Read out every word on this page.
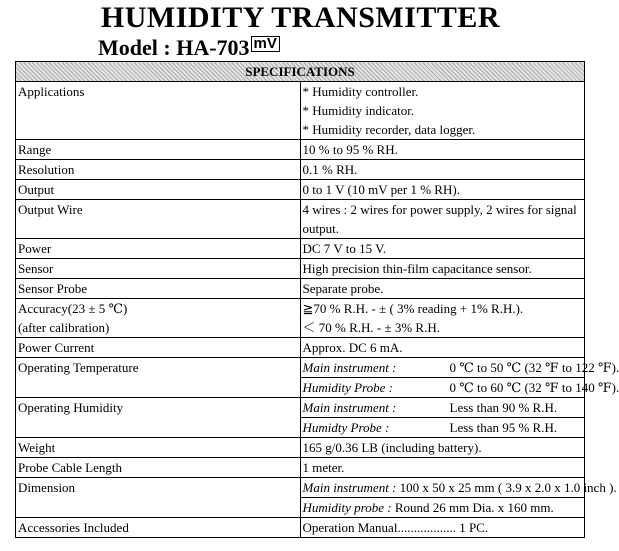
HUMIDITY TRANSMITTER
Model : HA-703 mV
SPECIFICATIONS	
Applications	* Humidity controller.
* Humidity indicator.
* Humidity recorder, data logger.

Range	10 % to 95 % RH.
Resolution	0.1 % RH.
Output	0 to 1 V (10 mV per 1 % RH).
Output Wire	4 wires : 2 wires for power supply, 2 wires for signal output.
Power	DC 7 V to 15 V.
Sensor	High precision thin-film capacitance sensor.
Sensor Probe	Separate probe.

Accuracy(23 ± 5 ℃)
(after calibration)	≧70 % R.H. - ± ( 3% reading + 1% R.H.).
＜ 70 % R.H. - ± 3% R.H.

Power Current	Approx. DC 6 mA.
Operating Temperature	Main instrument : 0 ℃ to 50 ℃ (32 ℉ to 122 ℉).
Humidity Probe : 0 ℃ to 60 ℃ (32 ℉ to 140 ℉).

Operating Humidity	Main instrument : Less than 90 % R.H.
Humidty Probe : Less than 95 % R.H.

Weight	165 g/0.36 LB (including battery).
Probe Cable Length	1 meter.
Dimension	Main instrument : 100 x 50 x 25 mm ( 3.9 x 2.0 x 1.0 inch ).
Humidity probe : Round 26 mm Dia. x 160 mm.

Accessories Included	Operation Manual.................. 1 PC.
